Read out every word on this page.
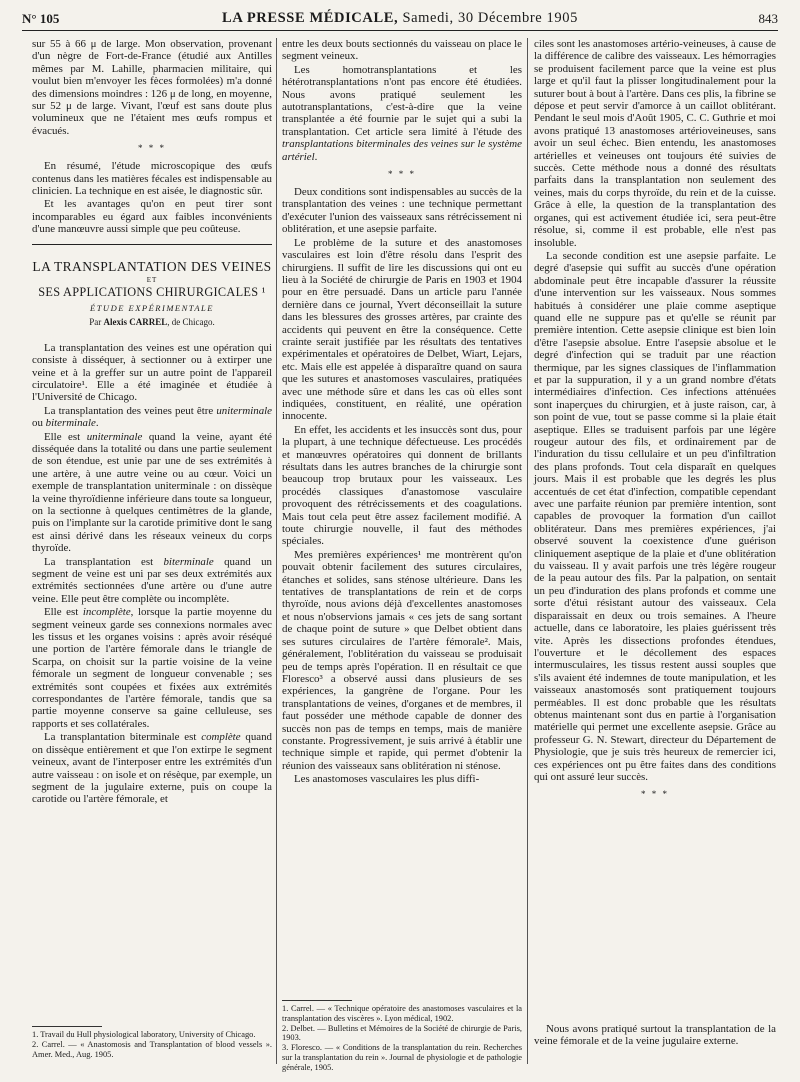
N° 105	LA PRESSE MÉDICALE, Samedi, 30 Décembre 1905	843

sur 55 à 66 μ de large. Mon observation, provenant d'un nègre de Fort-de-France (étudié aux Antilles mêmes par M. Lahille, pharmacien militaire, qui voulut bien m'envoyer les fèces formolées) m'a donné des dimensions moindres : 126 μ de long, en moyenne, sur 52 μ de large. Vivant, l'œuf est sans doute plus volumineux que ne l'étaient mes œufs rompus et évacués.

* * *

En résumé, l'étude microscopique des œufs contenus dans les matières fécales est indispensable au clinicien. La technique en est aisée, le diagnostic sûr.

Et les avantages qu'on en peut tirer sont incomparables eu égard aux faibles inconvénients d'une manœuvre aussi simple que peu coûteuse.

LA TRANSPLANTATION DES VEINES
ET
SES APPLICATIONS CHIRURGICALES ¹
ÉTUDE EXPÉRIMENTALE
Par Alexis CARREL, de Chicago.

La transplantation des veines est une opération qui consiste à disséquer, à sectionner ou à extirper une veine et à la greffer sur un autre point de l'appareil circulatoire¹. Elle a été imaginée et étudiée à l'Université de Chicago.

La transplantation des veines peut être uniterminale ou biterminale.

Elle est uniterminale quand la veine, ayant été disséquée dans la totalité ou dans une partie seulement de son étendue, est unie par une de ses extrémités à une artère, à une autre veine ou au cœur. Voici un exemple de transplantation uniterminale : on dissèque la veine thyroïdienne inférieure dans toute sa longueur, on la sectionne à quelques centimètres de la glande, puis on l'implante sur la carotide primitive dont le sang est ainsi dérivé dans les réseaux veineux du corps thyroïde.

La transplantation est biterminale quand un segment de veine est uni par ses deux extrémités aux extrémités sectionnées d'une artère ou d'une autre veine. Elle peut être complète ou incomplète.

Elle est incomplète, lorsque la partie moyenne du segment veineux garde ses connexions normales avec les tissus et les organes voisins : après avoir réséqué une portion de l'artère fémorale dans le triangle de Scarpa, on choisit sur la partie voisine de la veine fémorale un segment de longueur convenable ; ses extrémités sont coupées et fixées aux extrémités correspondantes de l'artère fémorale, tandis que sa partie moyenne conserve sa gaine celluleuse, ses rapports et ses collatérales.

La transplantation biterminale est complète quand on dissèque entièrement et que l'on extirpe le segment veineux, avant de l'interposer entre les extrémités d'un autre vaisseau : on isole et on résèque, par exemple, un segment de la jugulaire externe, puis on coupe la carotide ou l'artère fémorale, et

1. Travail du Hull physiological laboratory, University of Chicago.
2. Carrel. — « Anastomosis and Transplantation of blood vessels ». Amer. Med., Aug. 1905.

entre les deux bouts sectionnés du vaisseau on place le segment veineux.

Les homotransplantations et les hétérotransplantations n'ont pas encore été étudiées. Nous avons pratiqué seulement les autotransplantations, c'est-à-dire que la veine transplantée a été fournie par le sujet qui a subi la transplantation. Cet article sera limité à l'étude des transplantations biterminales des veines sur le système artériel.

* * *

Deux conditions sont indispensables au succès de la transplantation des veines : une technique permettant d'exécuter l'union des vaisseaux sans rétrécissement ni oblitération, et une asepsie parfaite.

Le problème de la suture et des anastomoses vasculaires est loin d'être résolu dans l'esprit des chirurgiens. Il suffit de lire les discussions qui ont eu lieu à la Société de chirurgie de Paris en 1903 et 1904 pour en être persuadé. Dans un article paru l'année dernière dans ce journal, Yvert déconseillait la suture dans les blessures des grosses artères, par crainte des accidents qui peuvent en être la conséquence. Cette crainte serait justifiée par les résultats des tentatives expérimentales et opératoires de Delbet, Wiart, Lejars, etc. Mais elle est appelée à disparaître quand on saura que les sutures et anastomoses vasculaires, pratiquées avec une méthode sûre et dans les cas où elles sont indiquées, constituent, en réalité, une opération innocente.

En effet, les accidents et les insuccès sont dus, pour la plupart, à une technique défectueuse. Les procédés et manœuvres opératoires qui donnent de brillants résultats dans les autres branches de la chirurgie sont beaucoup trop brutaux pour les vaisseaux. Les procédés classiques d'anastomose vasculaire provoquent des rétrécissements et des coagulations. Mais tout cela peut être assez facilement modifié. A toute chirurgie nouvelle, il faut des méthodes spéciales.

Mes premières expériences¹ me montrèrent qu'on pouvait obtenir facilement des sutures circulaires, étanches et solides, sans sténose ultérieure. Dans les tentatives de transplantations de rein et de corps thyroïde, nous avions déjà d'excellentes anastomoses et nous n'observions jamais « ces jets de sang sortant de chaque point de suture » que Delbet obtient dans ses sutures circulaires de l'artère fémorale². Mais, généralement, l'oblitération du vaisseau se produisait peu de temps après l'opération. Il en résultait ce que Floresco³ a observé aussi dans plusieurs de ses expériences, la gangrène de l'organe. Pour les transplantations de veines, d'organes et de membres, il faut posséder une méthode capable de donner des succès non pas de temps en temps, mais de manière constante. Progressivement, je suis arrivé à établir une technique simple et rapide, qui permet d'obtenir la réunion des vaisseaux sans oblitération ni sténose.

Les anastomoses vasculaires les plus diffi-

1. Carrel. — « Technique opératoire des anastomoses vasculaires et la transplantation des viscères ». Lyon médical, 1902.
2. Delbet. — Bulletins et Mémoires de la Société de chirurgie de Paris, 1903.
3. Floresco. — « Conditions de la transplantation du rein. Recherches sur la transplantation du rein ». Journal de physiologie et de pathologie générale, 1905.

ciles sont les anastomoses artério-veineuses, à cause de la différence de calibre des vaisseaux. Les hémorragies se produisent facilement parce que la veine est plus large et qu'il faut la plisser longitudinalement pour la suturer bout à bout à l'artère. Dans ces plis, la fibrine se dépose et peut servir d'amorce à un caillot oblitérant. Pendant le seul mois d'Août 1905, C. C. Guthrie et moi avons pratiqué 13 anastomoses artérioveineuses, sans avoir un seul échec. Bien entendu, les anastomoses artérielles et veineuses ont toujours été suivies de succès. Cette méthode nous a donné des résultats parfaits dans la transplantation non seulement des veines, mais du corps thyroïde, du rein et de la cuisse. Grâce à elle, la question de la transplantation des organes, qui est activement étudiée ici, sera peut-être résolue, si, comme il est probable, elle n'est pas insoluble.

La seconde condition est une asepsie parfaite. Le degré d'asepsie qui suffit au succès d'une opération abdominale peut être incapable d'assurer la réussite d'une intervention sur les vaisseaux. Nous sommes habitués à considérer une plaie comme aseptique quand elle ne suppure pas et qu'elle se réunit par première intention. Cette asepsie clinique est bien loin d'être l'asepsie absolue. Entre l'asepsie absolue et le degré d'infection qui se traduit par une réaction thermique, par les signes classiques de l'inflammation et par la suppuration, il y a un grand nombre d'états intermédiaires d'infection. Ces infections atténuées sont inaperçues du chirurgien, et à juste raison, car, à son point de vue, tout se passe comme si la plaie était aseptique. Elles se traduisent parfois par une légère rougeur autour des fils, et ordinairement par de l'induration du tissu cellulaire et un peu d'infiltration des plans profonds. Tout cela disparaît en quelques jours. Mais il est probable que les degrés les plus accentués de cet état d'infection, compatible cependant avec une parfaite réunion par première intention, sont capables de provoquer la formation d'un caillot oblitérateur. Dans mes premières expériences, j'ai observé souvent la coexistence d'une guérison cliniquement aseptique de la plaie et d'une oblitération du vaisseau. Il y avait parfois une très légère rougeur de la peau autour des fils. Par la palpation, on sentait un peu d'induration des plans profonds et comme une sorte d'étui résistant autour des vaisseaux. Cela disparaissait en deux ou trois semaines. A l'heure actuelle, dans ce laboratoire, les plaies guérissent très vite. Après les dissections profondes étendues, l'ouverture et le décollement des espaces intermusculaires, les tissus restent aussi souples que s'ils avaient été indemnes de toute manipulation, et les vaisseaux anastomosés sont pratiquement toujours perméables. Il est donc probable que les résultats obtenus maintenant sont dus en partie à l'organisation matérielle qui permet une excellente asepsie. Grâce au professeur G. N. Stewart, directeur du Département de Physiologie, que je suis très heureux de remercier ici, ces expériences ont pu être faites dans des conditions qui ont assuré leur succès.

* * *

Nous avons pratiqué surtout la transplantation de la veine fémorale et de la veine jugulaire externe.
